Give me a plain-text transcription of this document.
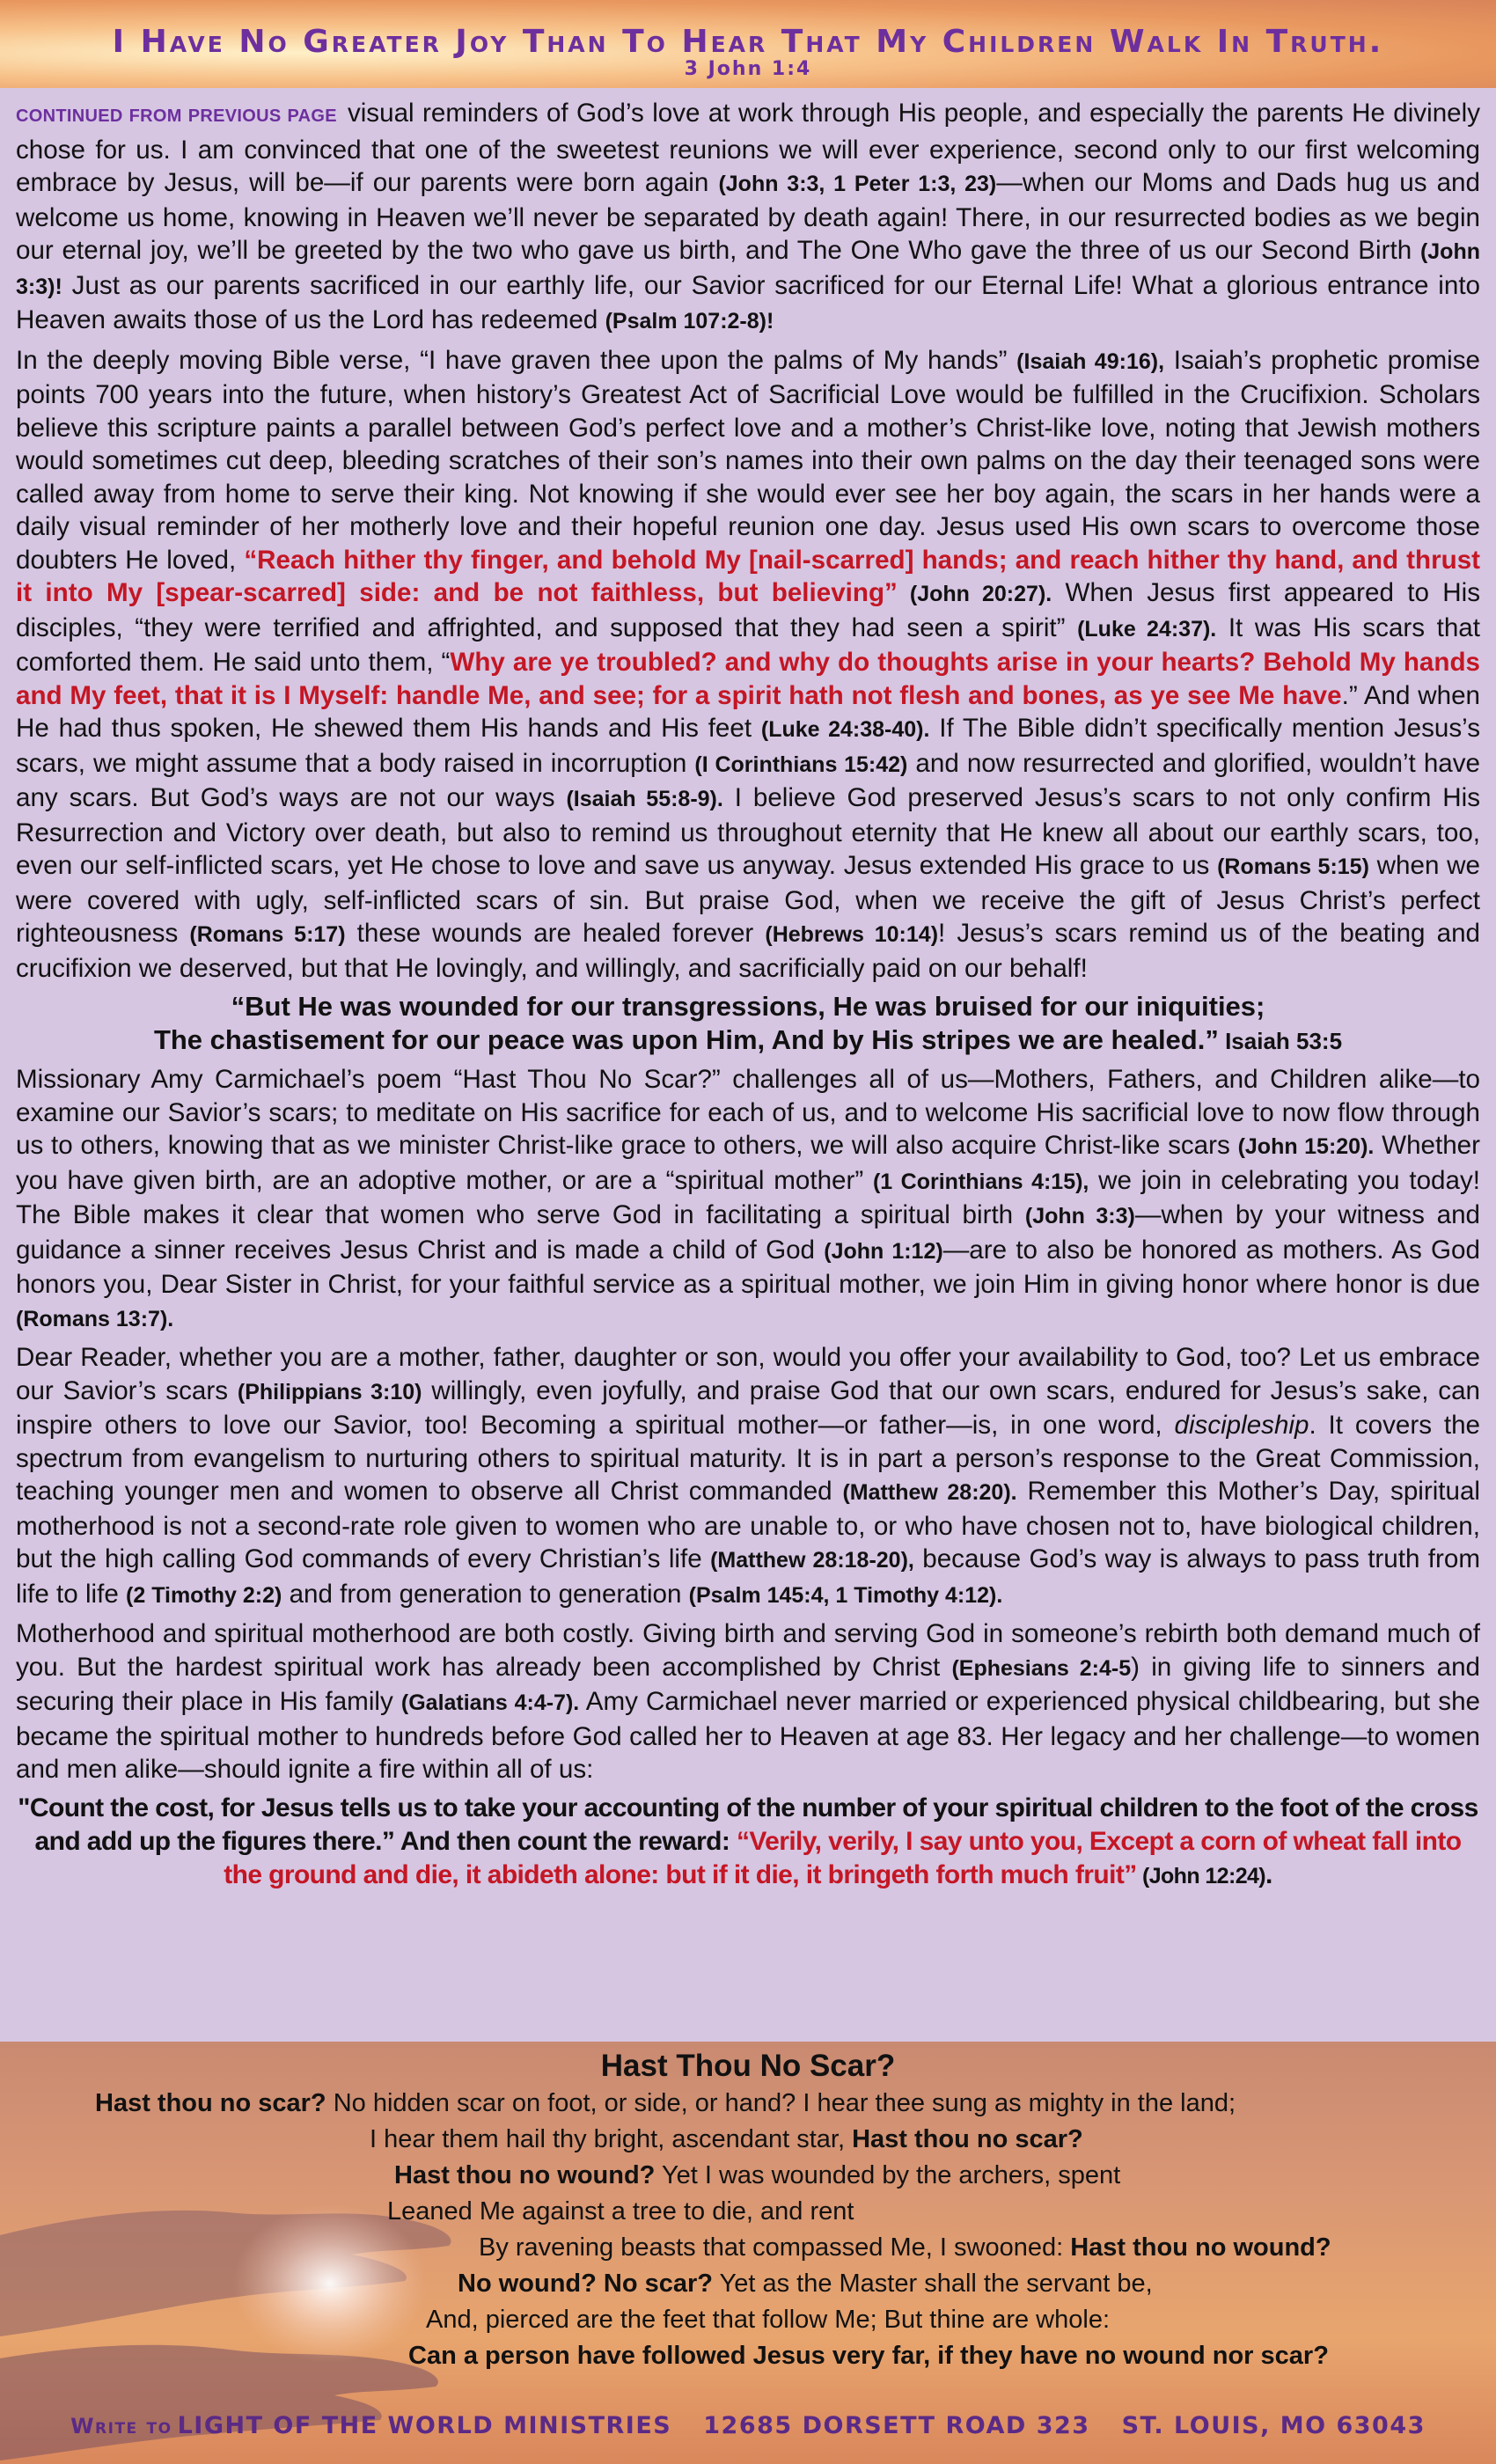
I Have No Greater Joy Than To Hear That My Children Walk In Truth.
3 John 1:4

CONTINUED FROM PREVIOUS PAGE visual reminders of God’s love at work through His people, and especially the parents He divinely chose for us. I am convinced that one of the sweetest reunions we will ever experience, second only to our first welcoming embrace by Jesus, will be—if our parents were born again (John 3:3, 1 Peter 1:3, 23)—when our Moms and Dads hug us and welcome us home, knowing in Heaven we’ll never be separated by death again! There, in our resurrected bodies as we begin our eternal joy, we’ll be greeted by the two who gave us birth, and The One Who gave the three of us our Second Birth (John 3:3)! Just as our parents sacrificed in our earthly life, our Savior sacrificed for our Eternal Life! What a glorious entrance into Heaven awaits those of us the Lord has redeemed (Psalm 107:2-8)!

In the deeply moving Bible verse, “I have graven thee upon the palms of My hands” (Isaiah 49:16), Isaiah’s prophetic promise points 700 years into the future, when history’s Greatest Act of Sacrificial Love would be fulfilled in the Crucifixion. Scholars believe this scripture paints a parallel between God’s perfect love and a mother’s Christ-like love, noting that Jewish mothers would sometimes cut deep, bleeding scratches of their son’s names into their own palms on the day their teenaged sons were called away from home to serve their king. Not knowing if she would ever see her boy again, the scars in her hands were a daily visual reminder of her motherly love and their hopeful reunion one day. Jesus used His own scars to overcome those doubters He loved, “Reach hither thy finger, and behold My [nail-scarred] hands; and reach hither thy hand, and thrust it into My [spear-scarred] side: and be not faithless, but believing” (John 20:27). When Jesus first appeared to His disciples, “they were terrified and affrighted, and supposed that they had seen a spirit” (Luke 24:37). It was His scars that comforted them. He said unto them, “Why are ye troubled? and why do thoughts arise in your hearts? Behold My hands and My feet, that it is I Myself: handle Me, and see; for a spirit hath not flesh and bones, as ye see Me have.” And when He had thus spoken, He shewed them His hands and His feet (Luke 24:38-40). If The Bible didn’t specifically mention Jesus’s scars, we might assume that a body raised in incorruption (I Corinthians 15:42) and now resurrected and glorified, wouldn’t have any scars. But God’s ways are not our ways (Isaiah 55:8-9). I believe God preserved Jesus’s scars to not only confirm His Resurrection and Victory over death, but also to remind us throughout eternity that He knew all about our earthly scars, too, even our self-inflicted scars, yet He chose to love and save us anyway. Jesus extended His grace to us (Romans 5:15) when we were covered with ugly, self-inflicted scars of sin. But praise God, when we receive the gift of Jesus Christ’s perfect righteousness (Romans 5:17) these wounds are healed forever (Hebrews 10:14)! Jesus’s scars remind us of the beating and crucifixion we deserved, but that He lovingly, and willingly, and sacrificially paid on our behalf!

“But He was wounded for our transgressions, He was bruised for our iniquities;
The chastisement for our peace was upon Him, And by His stripes we are healed.” Isaiah 53:5

Missionary Amy Carmichael’s poem “Hast Thou No Scar?” challenges all of us—Mothers, Fathers, and Children alike—to examine our Savior’s scars; to meditate on His sacrifice for each of us, and to welcome His sacrificial love to now flow through us to others, knowing that as we minister Christ-like grace to others, we will also acquire Christ-like scars (John 15:20). Whether you have given birth, are an adoptive mother, or are a “spiritual mother” (1 Corinthians 4:15), we join in celebrating you today! The Bible makes it clear that women who serve God in facilitating a spiritual birth (John 3:3)—when by your witness and guidance a sinner receives Jesus Christ and is made a child of God (John 1:12)—are to also be honored as mothers. As God honors you, Dear Sister in Christ, for your faithful service as a spiritual mother, we join Him in giving honor where honor is due (Romans 13:7).

Dear Reader, whether you are a mother, father, daughter or son, would you offer your availability to God, too? Let us embrace our Savior’s scars (Philippians 3:10) willingly, even joyfully, and praise God that our own scars, endured for Jesus’s sake, can inspire others to love our Savior, too! Becoming a spiritual mother—or father—is, in one word, discipleship. It covers the spectrum from evangelism to nurturing others to spiritual maturity. It is in part a person’s response to the Great Commission, teaching younger men and women to observe all Christ commanded (Matthew 28:20). Remember this Mother’s Day, spiritual motherhood is not a second-rate role given to women who are unable to, or who have chosen not to, have biological children, but the high calling God commands of every Christian’s life (Matthew 28:18-20), because God’s way is always to pass truth from life to life (2 Timothy 2:2) and from generation to generation (Psalm 145:4, 1 Timothy 4:12).

Motherhood and spiritual motherhood are both costly. Giving birth and serving God in someone’s rebirth both demand much of you. But the hardest spiritual work has already been accomplished by Christ (Ephesians 2:4-5) in giving life to sinners and securing their place in His family (Galatians 4:4-7). Amy Carmichael never married or experienced physical childbearing, but she became the spiritual mother to hundreds before God called her to Heaven at age 83. Her legacy and her challenge—to women and men alike—should ignite a fire within all of us:

"Count the cost, for Jesus tells us to take your accounting of the number of your spiritual children to the foot of the cross and add up the figures there.” And then count the reward: “Verily, verily, I say unto you, Except a corn of wheat fall into the ground and die, it abideth alone: but if it die, it bringeth forth much fruit” (John 12:24).
Hast Thou No Scar?
Hast thou no scar? No hidden scar on foot, or side, or hand? I hear thee sung as mighty in the land;
I hear them hail thy bright, ascendant star, Hast thou no scar?
Hast thou no wound? Yet I was wounded by the archers, spent
Leaned Me against a tree to die, and rent
By ravening beasts that compassed Me, I swooned: Hast thou no wound?
No wound? No scar? Yet as the Master shall the servant be,
And, pierced are the feet that follow Me; But thine are whole:
Can a person have followed Jesus very far, if they have no wound nor scar?
Write to LIGHT OF THE WORLD MINISTRIES 12685 DORSETT ROAD 323 ST. LOUIS, MO 63043
